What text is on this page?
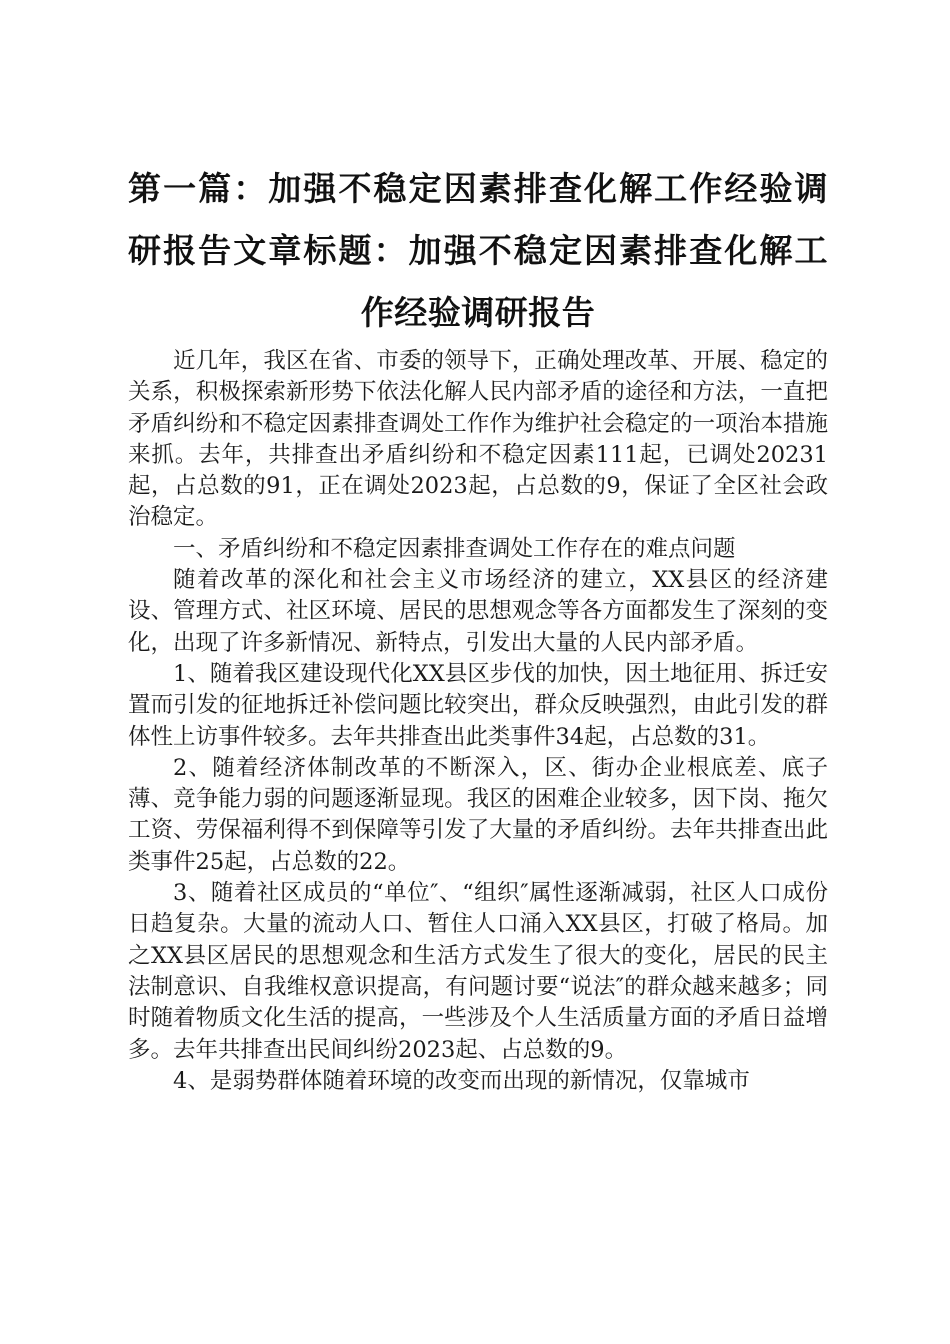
第一篇：加强不稳定因素排查化解工作经验调研报告文章标题：加强不稳定因素排查化解工作经验调研报告

近几年，我区在省、市委的领导下，正确处理改革、开展、稳定的关系，积极探索新形势下依法化解人民内部矛盾的途径和方法，一直把矛盾纠纷和不稳定因素排查调处工作作为维护社会稳定的一项治本措施来抓。去年，共排查出矛盾纠纷和不稳定因素111起，已调处20231起，占总数的91，正在调处2023起，占总数的9，保证了全区社会政治稳定。

一、矛盾纠纷和不稳定因素排查调处工作存在的难点问题

随着改革的深化和社会主义市场经济的建立，XX县区的经济建设、管理方式、社区环境、居民的思想观念等各方面都发生了深刻的变化，出现了许多新情况、新特点，引发出大量的人民内部矛盾。

1、随着我区建设现代化XX县区步伐的加快，因土地征用、拆迁安置而引发的征地拆迁补偿问题比较突出，群众反映强烈，由此引发的群体性上访事件较多。去年共排查出此类事件34起，占总数的31。

2、随着经济体制改革的不断深入，区、街办企业根底差、底子薄、竞争能力弱的问题逐渐显现。我区的困难企业较多，因下岗、拖欠工资、劳保福利得不到保障等引发了大量的矛盾纠纷。去年共排查出此类事件25起，占总数的22。

3、随着社区成员的“单位″、“组织″属性逐渐减弱，社区人口成份日趋复杂。大量的流动人口、暂住人口涌入XX县区，打破了格局。加之XX县区居民的思想观念和生活方式发生了很大的变化，居民的民主法制意识、自我维权意识提高，有问题讨要“说法″的群众越来越多；同时随着物质文化生活的提高，一些涉及个人生活质量方面的矛盾日益增多。去年共排查出民间纠纷2023起、占总数的9。

4、是弱势群体随着环境的改变而出现的新情况，仅靠城市
